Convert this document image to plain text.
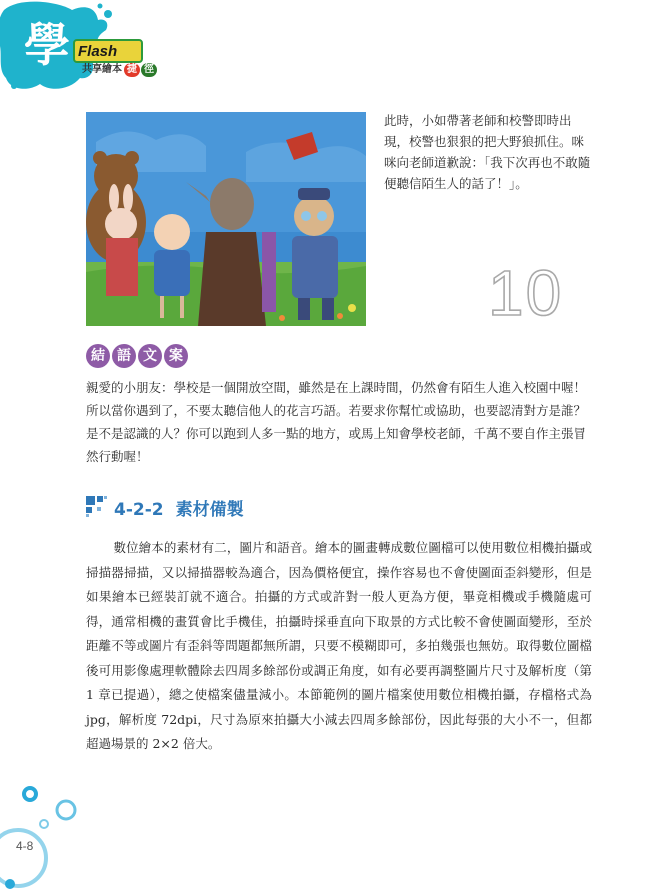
學 Flash
共享繪本 捷 徑

此時，小如帶著老師和校警即時出現，校警也狠狠的把大野狼抓住。咪咪向老師道歉說：「我下次再也不敢隨便聽信陌生人的話了！」。

10
結 語 文 案

親愛的小朋友：學校是一個開放空間，雖然是在上課時間，仍然會有陌生人進入校園中喔！所以當你遇到了，不要太聽信他人的花言巧語。若要求你幫忙或協助，也要認清對方是誰？是不是認識的人？你可以跑到人多一點的地方，或馬上知會學校老師，千萬不要自作主張冒然行動喔！

4-2-2 素材備製

數位繪本的素材有二，圖片和語音。繪本的圖畫轉成數位圖檔可以使用數位相機拍攝或掃描器掃描，又以掃描器較為適合，因為價格便宜，操作容易也不會使圖面歪斜變形，但是如果繪本已經裝訂就不適合。拍攝的方式或許對一般人更為方便，畢竟相機或手機隨處可得，通常相機的畫質會比手機佳，拍攝時採垂直向下取景的方式比較不會使圖面變形，至於距離不等或圖片有歪斜等問題都無所謂，只要不模糊即可，多拍幾張也無妨。取得數位圖檔後可用影像處理軟體除去四周多餘部份或調正角度，如有必要再調整圖片尺寸及解析度（第 1 章已提過），總之使檔案儘量減小。本節範例的圖片檔案使用數位相機拍攝，存檔格式為 jpg，解析度 72dpi，尺寸為原來拍攝大小減去四周多餘部份，因此每張的大小不一，但都超過場景的 2×2 倍大。

4-8
